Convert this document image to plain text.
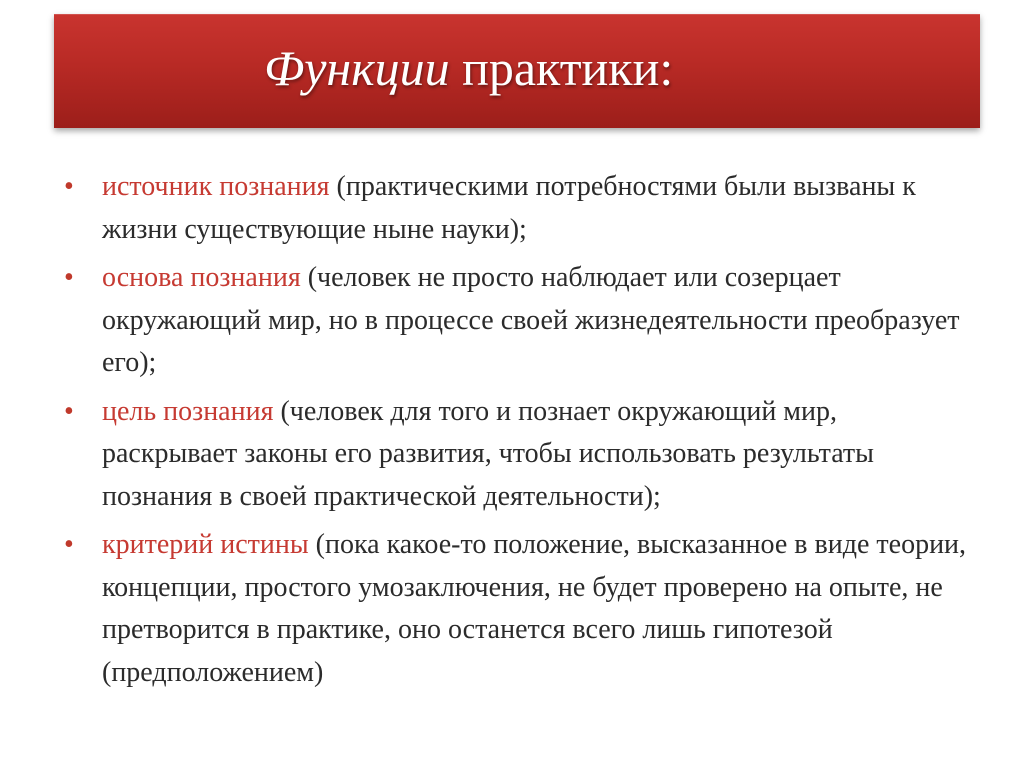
Функции практики:
• источник познания (практическими потребностями были вызваны к жизни существующие ныне науки);
• основа познания (человек не просто наблюдает или созерцает окружающий мир, но в процессе своей жизнедеятельности преобразует его);
• цель познания (человек для того и познает окружающий мир, раскрывает законы его развития, чтобы использовать результаты познания в своей практической деятельности);
• критерий истины (пока какое-то положение, высказанное в виде теории, концепции, простого умозаключения, не будет проверено на опыте, не претворится в практике, оно останется всего лишь гипотезой (предположением)
